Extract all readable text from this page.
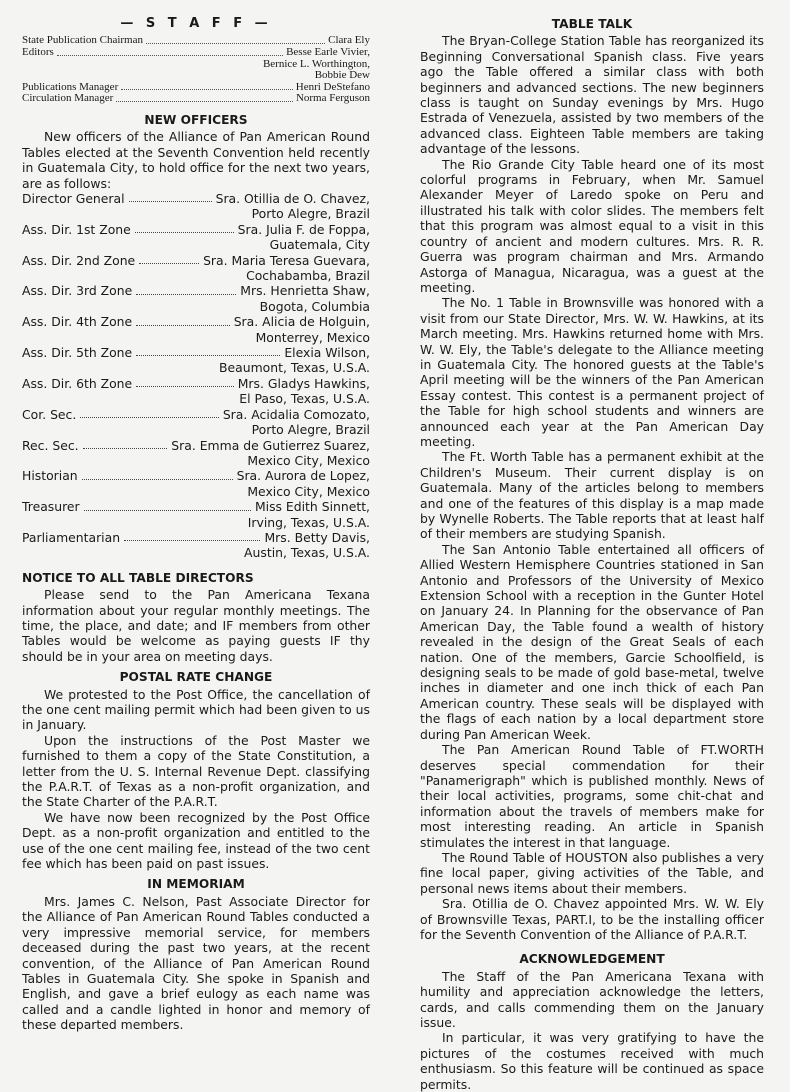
— S T A F F —
State Publication Chairman	Clara Ely
Editors	Besse Earle Vivier,
Bernice L. Worthington,
Bobbie Dew
Publications Manager	Henri DeStefano
Circulation Manager	Norma Ferguson
NEW OFFICERS

New officers of the Alliance of Pan American Round Tables elected at the Seventh Convention held recently in Guatemala City, to hold office for the next two years, are as follows:

Director General	Sra. Otillia de O. Chavez,
Porto Alegre, Brazil
Ass. Dir. 1st Zone	Sra. Julia F. de Foppa,
Guatemala, City
Ass. Dir. 2nd Zone	Sra. Maria Teresa Guevara,
Cochabamba, Brazil
Ass. Dir. 3rd Zone	Mrs. Henrietta Shaw,
Bogota, Columbia
Ass. Dir. 4th Zone	Sra. Alicia de Holguin,
Monterrey, Mexico
Ass. Dir. 5th Zone	Elexia Wilson,
Beaumont, Texas, U.S.A.
Ass. Dir. 6th Zone	Mrs. Gladys Hawkins,
El Paso, Texas, U.S.A.
Cor. Sec.	Sra. Acidalia Comozato,
Porto Alegre, Brazil
Rec. Sec.	Sra. Emma de Gutierrez Suarez,
Mexico City, Mexico
Historian	Sra. Aurora de Lopez,
Mexico City, Mexico
Treasurer	Miss Edith Sinnett,
Irving, Texas, U.S.A.
Parliamentarian	Mrs. Betty Davis,
Austin, Texas, U.S.A.
NOTICE TO ALL TABLE DIRECTORS

Please send to the Pan Americana Texana information about your regular monthly meetings. The time, the place, and date; and IF members from other Tables would be welcome as paying guests IF thy should be in your area on meeting days.

POSTAL RATE CHANGE

We protested to the Post Office, the cancellation of the one cent mailing permit which had been given to us in January.

Upon the instructions of the Post Master we furnished to them a copy of the State Constitution, a letter from the U. S. Internal Revenue Dept. classifying the P.A.R.T. of Texas as a non-profit organization, and the State Charter of the P.A.R.T.

We have now been recognized by the Post Office Dept. as a non-profit organization and entitled to the use of the one cent mailing fee, instead of the two cent fee which has been paid on past issues.

IN MEMORIAM

Mrs. James C. Nelson, Past Associate Director for the Alliance of Pan American Round Tables conducted a very impressive memorial service, for members deceased during the past two years, at the recent convention, of the Alliance of Pan American Round Tables in Guatemala City. She spoke in Spanish and English, and gave a brief eulogy as each name was called and a candle lighted in honor and memory of these departed members.

TABLE TALK

The Bryan-College Station Table has reorganized its Beginning Conversational Spanish class. Five years ago the Table offered a similar class with both beginners and advanced sections. The new beginners class is taught on Sunday evenings by Mrs. Hugo Estrada of Venezuela, assisted by two members of the advanced class. Eighteen Table members are taking advantage of the lessons.

The Rio Grande City Table heard one of its most colorful programs in February, when Mr. Samuel Alexander Meyer of Laredo spoke on Peru and illustrated his talk with color slides. The members felt that this program was almost equal to a visit in this country of ancient and modern cultures. Mrs. R. R. Guerra was program chairman and Mrs. Armando Astorga of Managua, Nicaragua, was a guest at the meeting.

The No. 1 Table in Brownsville was honored with a visit from our State Director, Mrs. W. W. Hawkins, at its March meeting. Mrs. Hawkins returned home with Mrs. W. W. Ely, the Table's delegate to the Alliance meeting in Guatemala City. The honored guests at the Table's April meeting will be the winners of the Pan American Essay contest. This contest is a permanent project of the Table for high school students and winners are announced each year at the Pan American Day meeting.

The Ft. Worth Table has a permanent exhibit at the Children's Museum. Their current display is on Guatemala. Many of the articles belong to members and one of the features of this display is a map made by Wynelle Roberts. The Table reports that at least half of their members are studying Spanish.

The San Antonio Table entertained all officers of Allied Western Hemisphere Countries stationed in San Antonio and Professors of the University of Mexico Extension School with a reception in the Gunter Hotel on January 24. In Planning for the observance of Pan American Day, the Table found a wealth of history revealed in the design of the Great Seals of each nation. One of the members, Garcie Schoolfield, is designing seals to be made of gold base-metal, twelve inches in diameter and one inch thick of each Pan American country. These seals will be displayed with the flags of each nation by a local department store during Pan American Week.

The Pan American Round Table of FT.WORTH deserves special commendation for their "Panamerigraph" which is published monthly. News of their local activities, programs, some chit-chat and information about the travels of members make for most interesting reading. An article in Spanish stimulates the interest in that language.

The Round Table of HOUSTON also publishes a very fine local paper, giving activities of the Table, and personal news items about their members.

Sra. Otillia de O. Chavez appointed Mrs. W. W. Ely of Brownsville Texas, PART.I, to be the installing officer for the Seventh Convention of the Alliance of P.A.R.T.

ACKNOWLEDGEMENT

The Staff of the Pan Americana Texana with humility and appreciation acknowledge the letters, cards, and calls commending them on the January issue.

In particular, it was very gratifying to have the pictures of the costumes received with much enthusiasm. So this feature will be continued as space permits.
